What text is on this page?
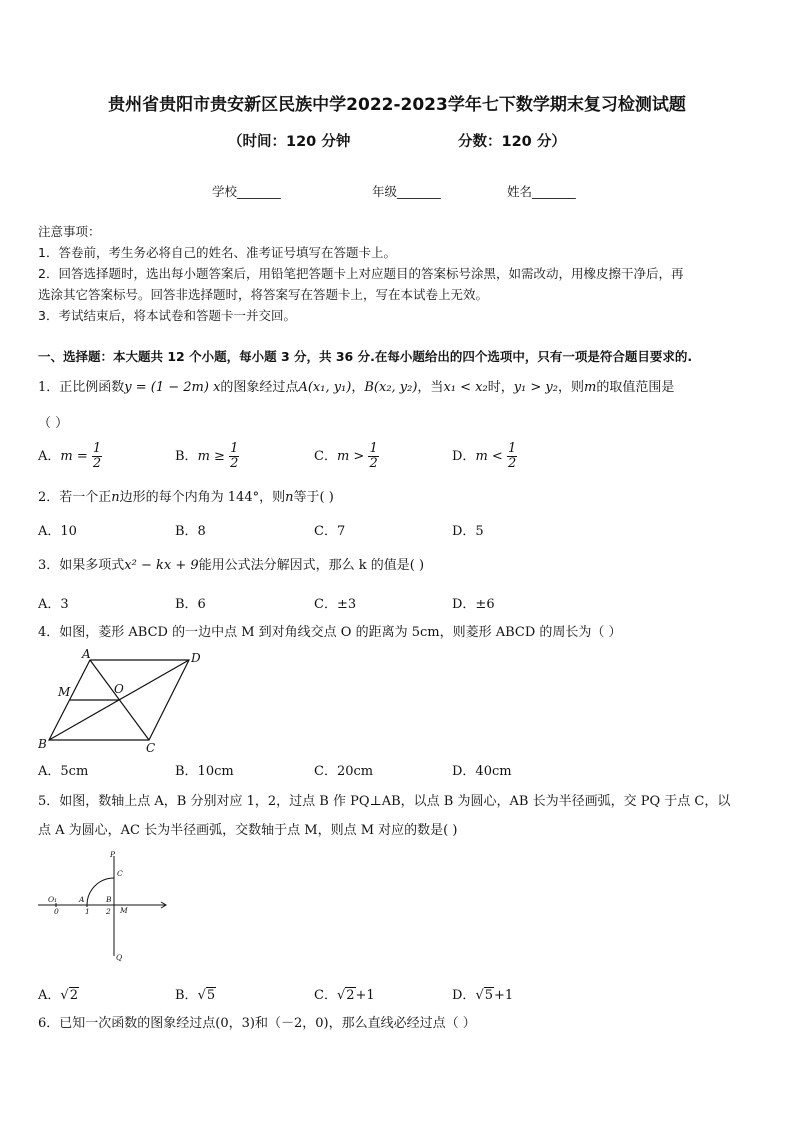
贵州省贵阳市贵安新区民族中学2022-2023学年七下数学期末复习检测试题
（时间：120 分钟	分数：120 分）
学校_______	年级_______	姓名_______
注意事项：
1．答卷前，考生务必将自己的姓名、准考证号填写在答题卡上。
2．回答选择题时，选出每小题答案后，用铅笔把答题卡上对应题目的答案标号涂黑，如需改动，用橡皮擦干净后，再
选涂其它答案标号。回答非选择题时，将答案写在答题卡上，写在本试卷上无效。
3．考试结束后，将本试卷和答题卡一并交回。
一、选择题：本大题共 12 个小题，每小题 3 分，共 36 分.在每小题给出的四个选项中，只有一项是符合题目要求的.
1．正比例函数y = (1 − 2m) x的图象经过点A(x₁, y₁)，B(x₂, y₂)，当x₁ < x₂时，y₁ > y₂，则m的取值范围是
（ ）
A．$m = \frac{1}{2}$	B．$m \ge \frac{1}{2}$	C．$m > \frac{1}{2}$	D．$m < \frac{1}{2}$
2．若一个正n边形的每个内角为 144°，则n等于( )
A．10	B．8	C．7	D．5
3．如果多项式x² − kx + 9能用公式法分解因式，那么 k 的值是( )
A．3	B．6	C．±3	D．±6
4．如图，菱形 ABCD 的一边中点 M 到对角线交点 O 的距离为 5cm，则菱形 ABCD 的周长为（ ）
A	D
M	O
B	C
A．5cm	B．10cm	C．20cm	D．40cm
5．如图，数轴上点 A，B 分别对应 1，2，过点 B 作 PQ⊥AB，以点 B 为圆心，AB 长为半径画弧，交 PQ 于点 C，以
点 A 为圆心，AC 长为半径画弧，交数轴于点 M，则点 M 对应的数是( )
P
C
O₁	A	B
M
0	1 2
Q
A．√2	B．√5	C．√2+1	D．√5+1
6．已知一次函数的图象经过点(0，3)和（－2，0)，那么直线必经过点（ ）
